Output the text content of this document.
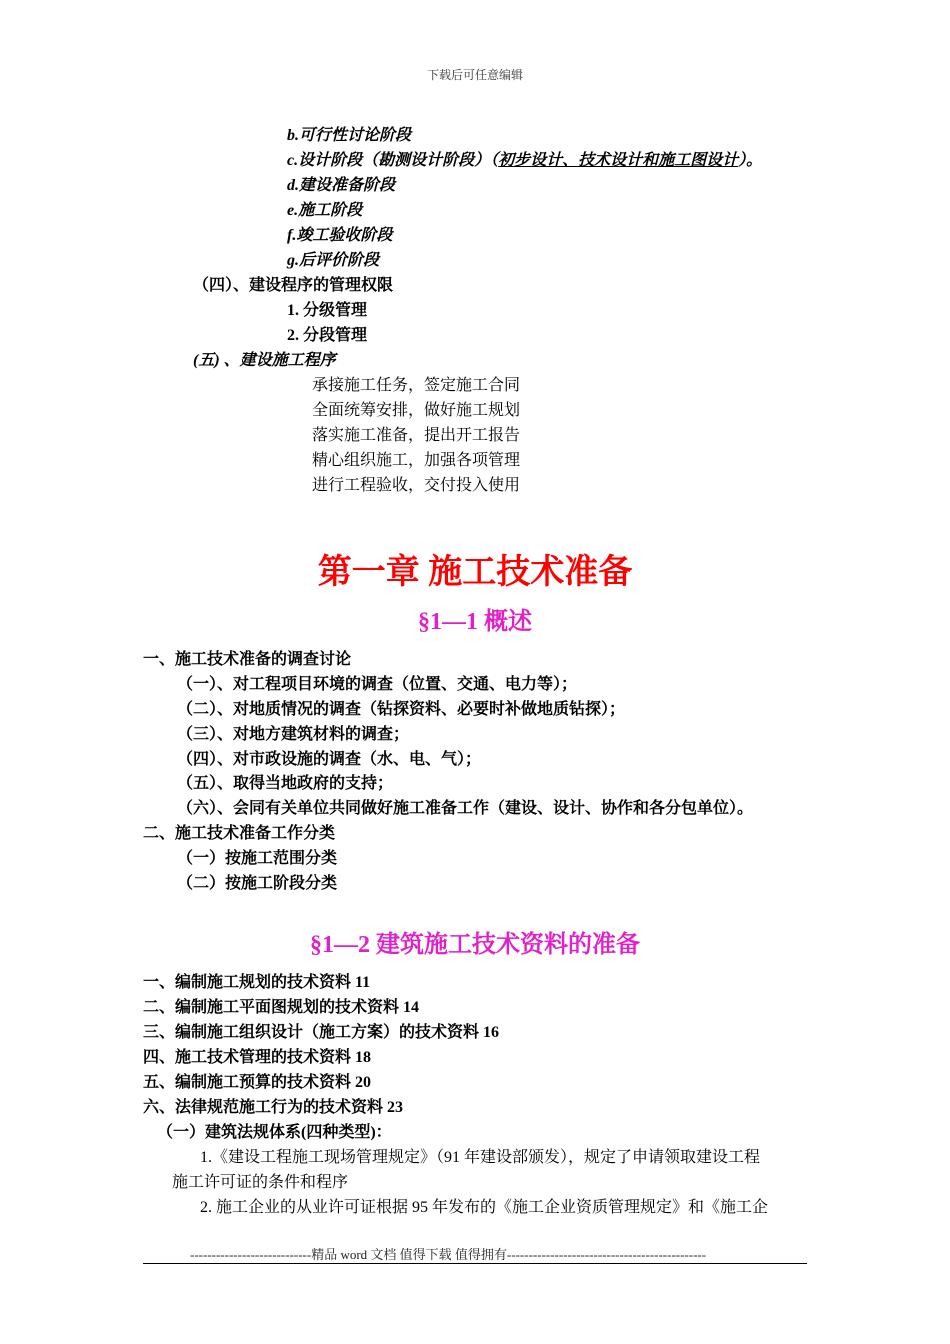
下载后可任意编辑
b.可行性讨论阶段
c.设计阶段（勘测设计阶段）（初步设计、技术设计和施工图设计）。
d.建设准备阶段
e.施工阶段
f.竣工验收阶段
g.后评价阶段
（四）、建设程序的管理权限
1. 分级管理
2. 分段管理
(五) 、建设施工程序
承接施工任务，签定施工合同
全面统筹安排，做好施工规划
落实施工准备，提出开工报告
精心组织施工，加强各项管理
进行工程验收，交付投入使用
第一章 施工技术准备
§1—1 概述
一、施工技术准备的调查讨论
（一）、对工程项目环境的调查（位置、交通、电力等）；
（二）、对地质情况的调查（钻探资料、必要时补做地质钻探）；
（三）、对地方建筑材料的调查；
（四）、对市政设施的调查（水、电、气）；
（五）、取得当地政府的支持；
（六）、会同有关单位共同做好施工准备工作（建设、设计、协作和各分包单位）。
二、施工技术准备工作分类
（一）按施工范围分类
（二）按施工阶段分类
§1—2 建筑施工技术资料的准备
一、编制施工规划的技术资料 11
二、编制施工平面图规划的技术资料 14
三、编制施工组织设计（施工方案）的技术资料 16
四、施工技术管理的技术资料 18
五、编制施工预算的技术资料 20
六、法律规范施工行为的技术资料 23
（一）建筑法规体系(四种类型)：
1.《建设工程施工现场管理规定》（91 年建设部颁发），规定了申请领取建设工程
施工许可证的条件和程序
2. 施工企业的从业许可证根据 95 年发布的《施工企业资质管理规定》和《施工企
----------------------------精品 word 文档 值得下载 值得拥有----------------------------------------------
